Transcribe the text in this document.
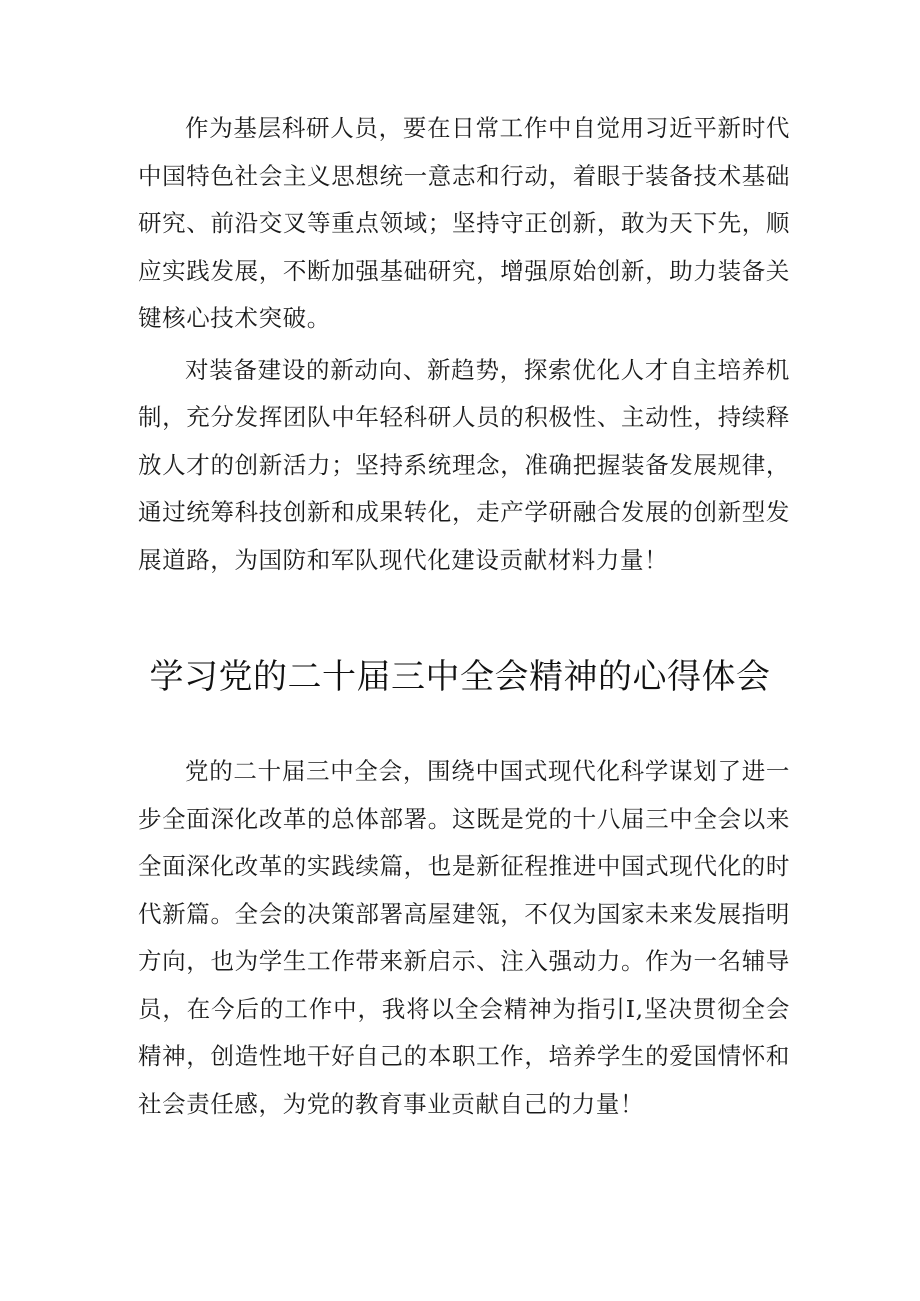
作为基层科研人员，要在日常工作中自觉用习近平新时代中国特色社会主义思想统一意志和行动，着眼于装备技术基础研究、前沿交叉等重点领域；坚持守正创新，敢为天下先，顺应实践发展，不断加强基础研究，增强原始创新，助力装备关键核心技术突破。

对装备建设的新动向、新趋势，探索优化人才自主培养机制，充分发挥团队中年轻科研人员的积极性、主动性，持续释放人才的创新活力；坚持系统理念，准确把握装备发展规律，通过统筹科技创新和成果转化，走产学研融合发展的创新型发展道路，为国防和军队现代化建设贡献材料力量！

学习党的二十届三中全会精神的心得体会

党的二十届三中全会，围绕中国式现代化科学谋划了进一步全面深化改革的总体部署。这既是党的十八届三中全会以来全面深化改革的实践续篇，也是新征程推进中国式现代化的时代新篇。全会的决策部署高屋建瓴，不仅为国家未来发展指明方向，也为学生工作带来新启示、注入强动力。作为一名辅导员，在今后的工作中，我将以全会精神为指引I,坚决贯彻全会精神，创造性地干好自己的本职工作，培养学生的爱国情怀和社会责任感，为党的教育事业贡献自己的力量！
